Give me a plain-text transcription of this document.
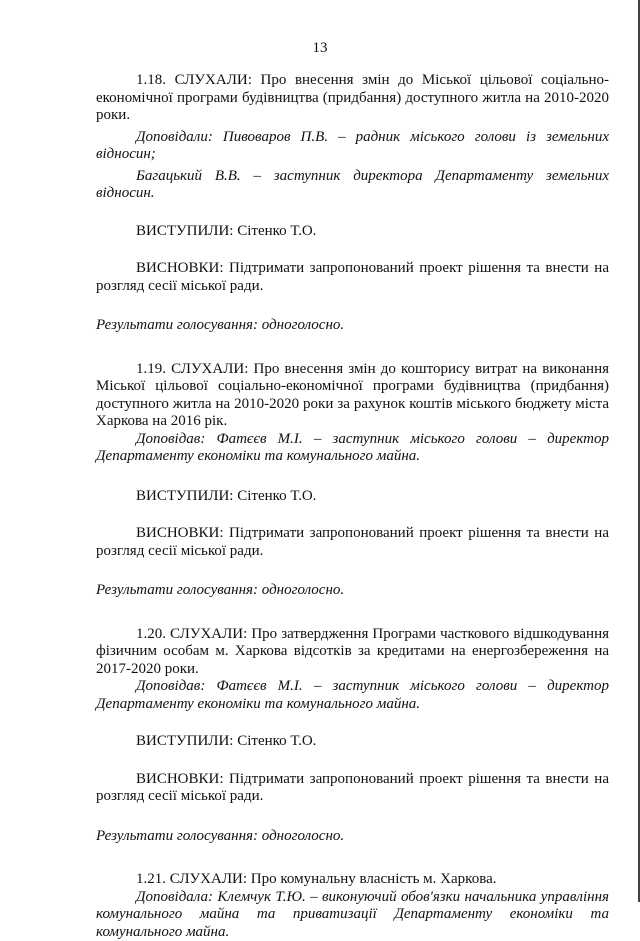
13

1.18. СЛУХАЛИ: Про внесення змін до Міської цільової соціально-економічної програми будівництва (придбання) доступного житла на 2010-2020 роки.

Доповідали: Пивоваров П.В. – радник міського голови із земельних відносин;

Багацький В.В. – заступник директора Департаменту земельних відносин.

ВИСТУПИЛИ: Сітенко Т.О.

ВИСНОВКИ: Підтримати запропонований проект рішення та внести на розгляд сесії міської ради.

Результати голосування: одноголосно.

1.19. СЛУХАЛИ: Про внесення змін до кошторису витрат на виконання Міської цільової соціально-економічної програми будівництва (придбання) доступного житла на 2010-2020 роки за рахунок коштів міського бюджету міста Харкова на 2016 рік.

Доповідав: Фатєєв М.І. – заступник міського голови – директор Департаменту економіки та комунального майна.

ВИСТУПИЛИ: Сітенко Т.О.

ВИСНОВКИ: Підтримати запропонований проект рішення та внести на розгляд сесії міської ради.

Результати голосування: одноголосно.

1.20. СЛУХАЛИ: Про затвердження Програми часткового відшкодування фізичним особам м. Харкова відсотків за кредитами на енергозбереження на 2017-2020 роки.

Доповідав: Фатєєв М.І. – заступник міського голови – директор Департаменту економіки та комунального майна.

ВИСТУПИЛИ: Сітенко Т.О.

ВИСНОВКИ: Підтримати запропонований проект рішення та внести на розгляд сесії міської ради.

Результати голосування: одноголосно.

1.21. СЛУХАЛИ: Про комунальну власність м. Харкова.

Доповідала: Клемчук Т.Ю. – виконуючий обов'язки начальника управління комунального майна та приватизації Департаменту економіки та комунального майна.
